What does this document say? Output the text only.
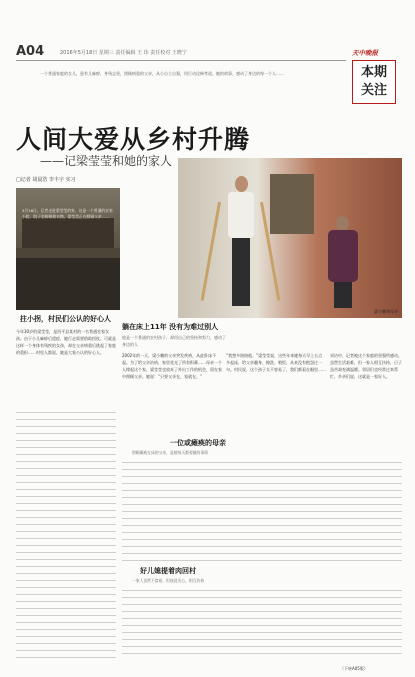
A04	2016年5月18日 星期三 责任编辑 王 玮 责任校对 王晓宁	天中晚报
本期
关注
一个普通家庭的女儿，患有儿麻痹，身残志坚，照顾病重的父亲，从小自立自强，用行动诠释孝道。她的故事，感动了身边的每一个人……
人间大爱从乡村升腾
——记梁莹莹和她的家人
□记者 胡晨浩 李丰宇 实习
5月16日，记者走进梁莹莹的家，这是一个普通的农家小院，院子里晾晒着衣物，梁莹莹正在照顾父亲……
拄小拐，村民们公认的好心人
今年30岁的梁莹莹，是西平县某村的一名普通农家女孩。由于小儿麻痹后遗症，她行走需要借助拐杖。可就是这样一个身体有残疾的女孩，却在父亲病重后挑起了家庭的重担……村里人都说，她是大家公认的好心人。
梁小鹏和母亲
躺在床上11年 没有为难过别人
他是一个普通的农村孩子，却用自己的坚持和努力，感动了身边的人
2002年的一天，梁小鹏的父亲突发疾病，从此卧床不起。为了给父亲治病，家里花光了所有积蓄……母亲一个人撑起这个家，梁莹莹也放弃了外出工作的机会，留在家中照顾父亲。她说：“只要父亲在，家就在。”
“我想多陪陪他。”梁莹莹说，这些年来她每天早上五点多起床，给父亲翻身、擦洗、喂饭，从来没有抱怨过一句。村民说，这个孩子太不容易了，我们都看在眼里……
采访中，记者被这个家庭的坚强所感动。虽然生活艰难，但一家人相互扶持，日子虽苦却充满温暖。邻居们也经常过来帮忙，乡亲们说，这就是一家好人。
一位或瘫痪的母亲
照顾瘫痪在床的父亲，是她每天都要做的事情
好儿媳提着肉回村
一家人虽然不富裕，但彼此关心，相互扶持
（下转A05版）
